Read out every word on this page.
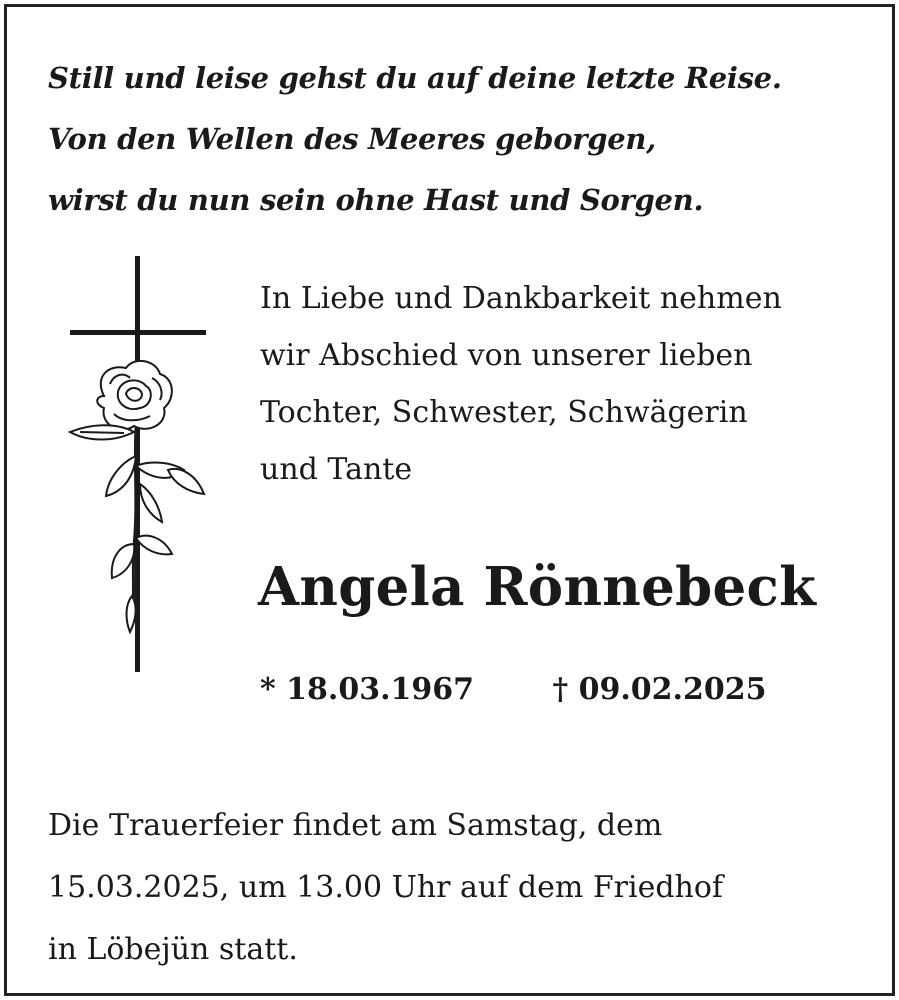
Still und leise gehst du auf deine letzte Reise.
Von den Wellen des Meeres geborgen,
wirst du nun sein ohne Hast und Sorgen.
In Liebe und Dankbarkeit nehmen
wir Abschied von unserer lieben
Tochter, Schwester, Schwägerin
und Tante
Angela Rönnebeck
* 18.03.1967	† 09.02.2025
Die Trauerfeier findet am Samstag, dem
15.03.2025, um 13.00 Uhr auf dem Friedhof
in Löbejün statt.
